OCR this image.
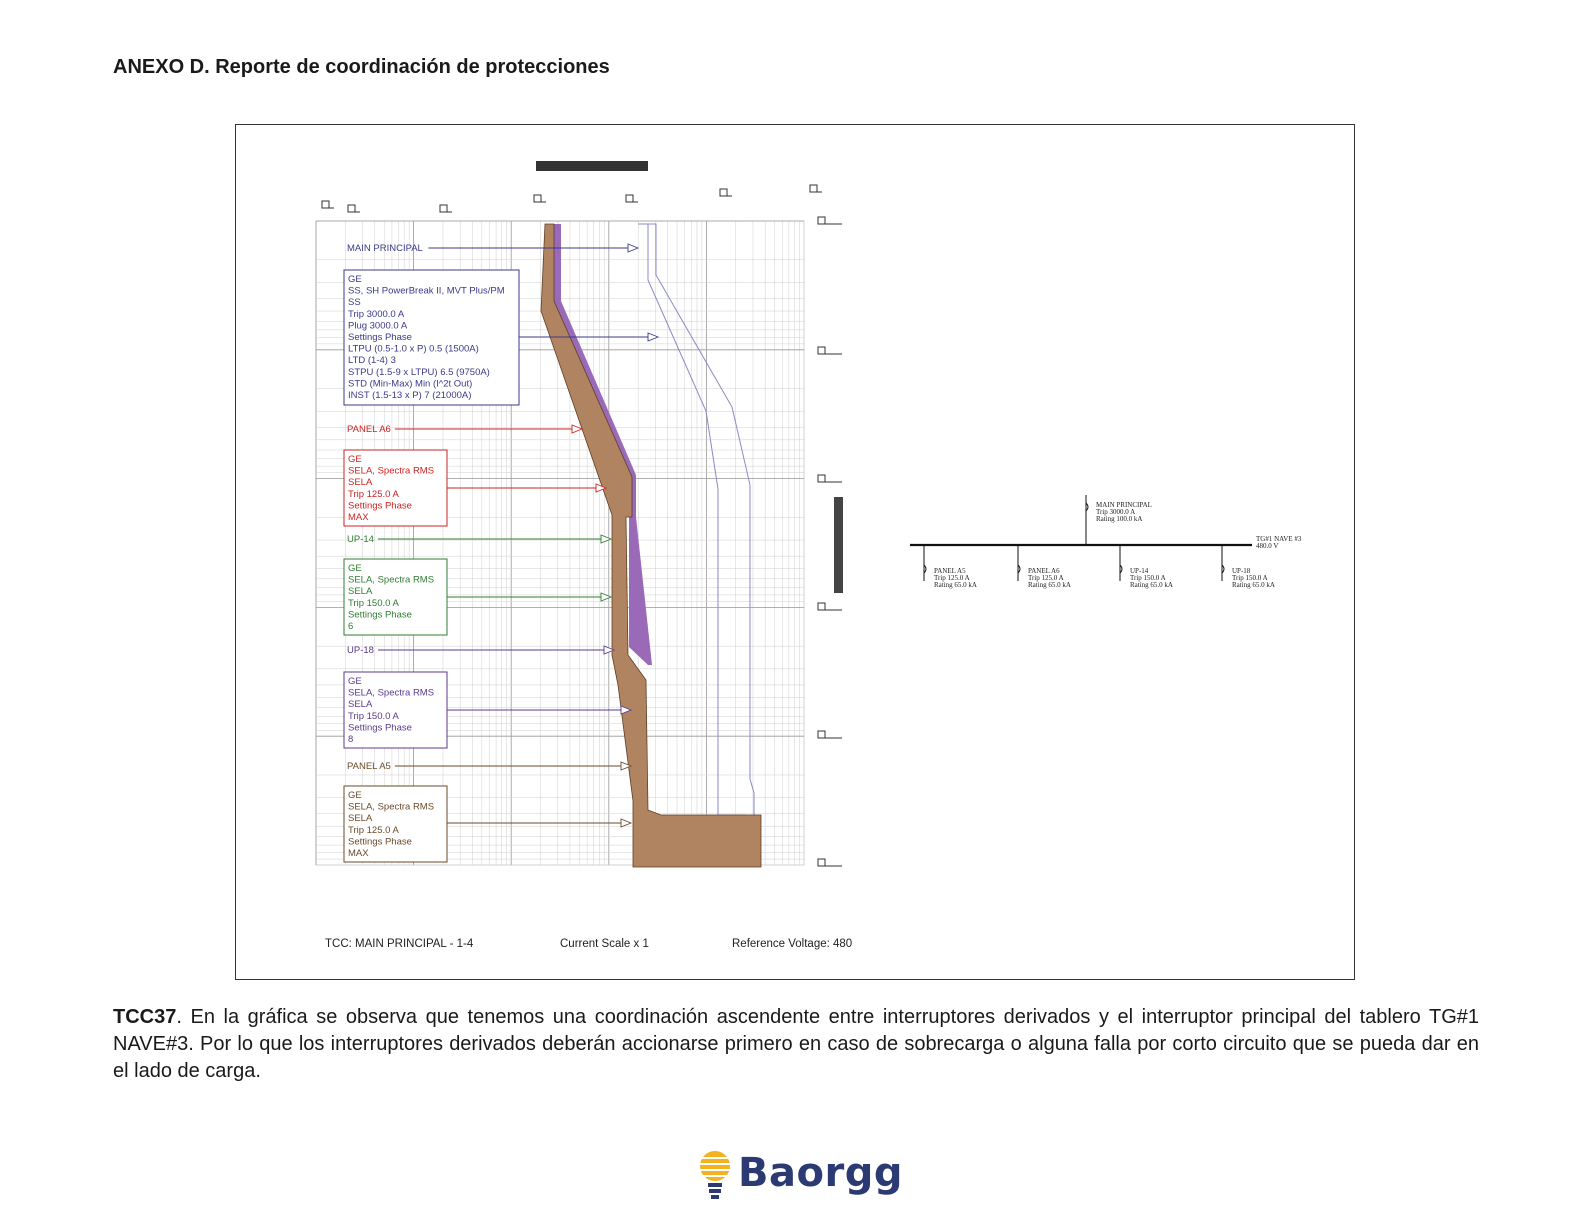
ANEXO D. Reporte de coordinación de protecciones
MAIN PRINCIPAL
GE
SS, SH PowerBreak II, MVT Plus/PM
SS
Trip 3000.0 A
Plug 3000.0 A
Settings Phase
LTPU (0.5-1.0 x P) 0.5 (1500A)
LTD (1-4) 3
STPU (1.5-9 x LTPU) 6.5 (9750A)
STD (Min-Max) Min (I^2t Out)
INST (1.5-13 x P) 7 (21000A)
PANEL A6
GE
SELA, Spectra RMS
SELA
Trip 125.0 A
Settings Phase
MAX
UP-14
GE
SELA, Spectra RMS
SELA
Trip 150.0 A
Settings Phase
6
UP-18
GE
SELA, Spectra RMS
SELA
Trip 150.0 A
Settings Phase
8
PANEL A5
GE
SELA, Spectra RMS
SELA
Trip 125.0 A
Settings Phase
MAX
TG#1 NAVE #3
480.0 V
MAIN PRINCIPAL
Trip 3000.0 A
Rating 100.0 kA
PANEL A5
Trip 125.0 A
Rating 65.0 kA
PANEL A6
Trip 125.0 A
Rating 65.0 kA
UP-14
Trip 150.0 A
Rating 65.0 kA
UP-18
Trip 150.0 A
Rating 65.0 kA
TCC: MAIN PRINCIPAL - 1-4	Current Scale x 1	Reference Voltage: 480
TCC37. En la gráfica se observa que tenemos una coordinación ascendente entre interruptores derivados y el interruptor principal del tablero TG#1 NAVE#3. Por lo que los interruptores derivados deberán accionarse primero en caso de sobrecarga o alguna falla por corto circuito que se pueda dar en el lado de carga.
Baorgg
